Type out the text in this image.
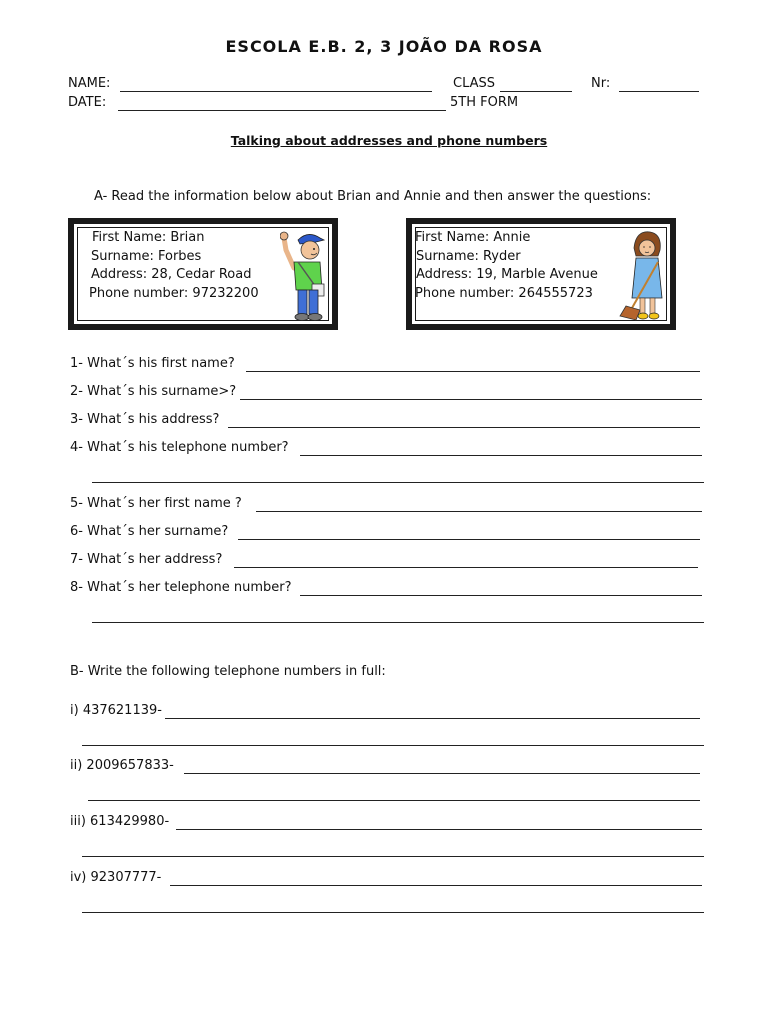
ESCOLA E.B. 2, 3 JOÃO DA ROSA
NAME:	CLASS	Nr:
DATE:	5TH FORM
Talking about addresses and phone numbers
A- Read the information below about Brian and Annie and then answer the questions:
First Name: Brian
Surname: Forbes
Address: 28, Cedar Road
Phone number: 97232200
First Name: Annie
Surname: Ryder
Address: 19, Marble Avenue
Phone number: 264555723
1- What´s his first name?
2- What´s his surname>?
3- What´s his address?
4- What´s his telephone number?
5- What´s her first name ?
6- What´s her surname?
7- What´s her address?
8- What´s her telephone number?
B- Write the following telephone numbers in full:
i) 437621139-
ii) 2009657833-
iii) 613429980-
iv) 92307777-
